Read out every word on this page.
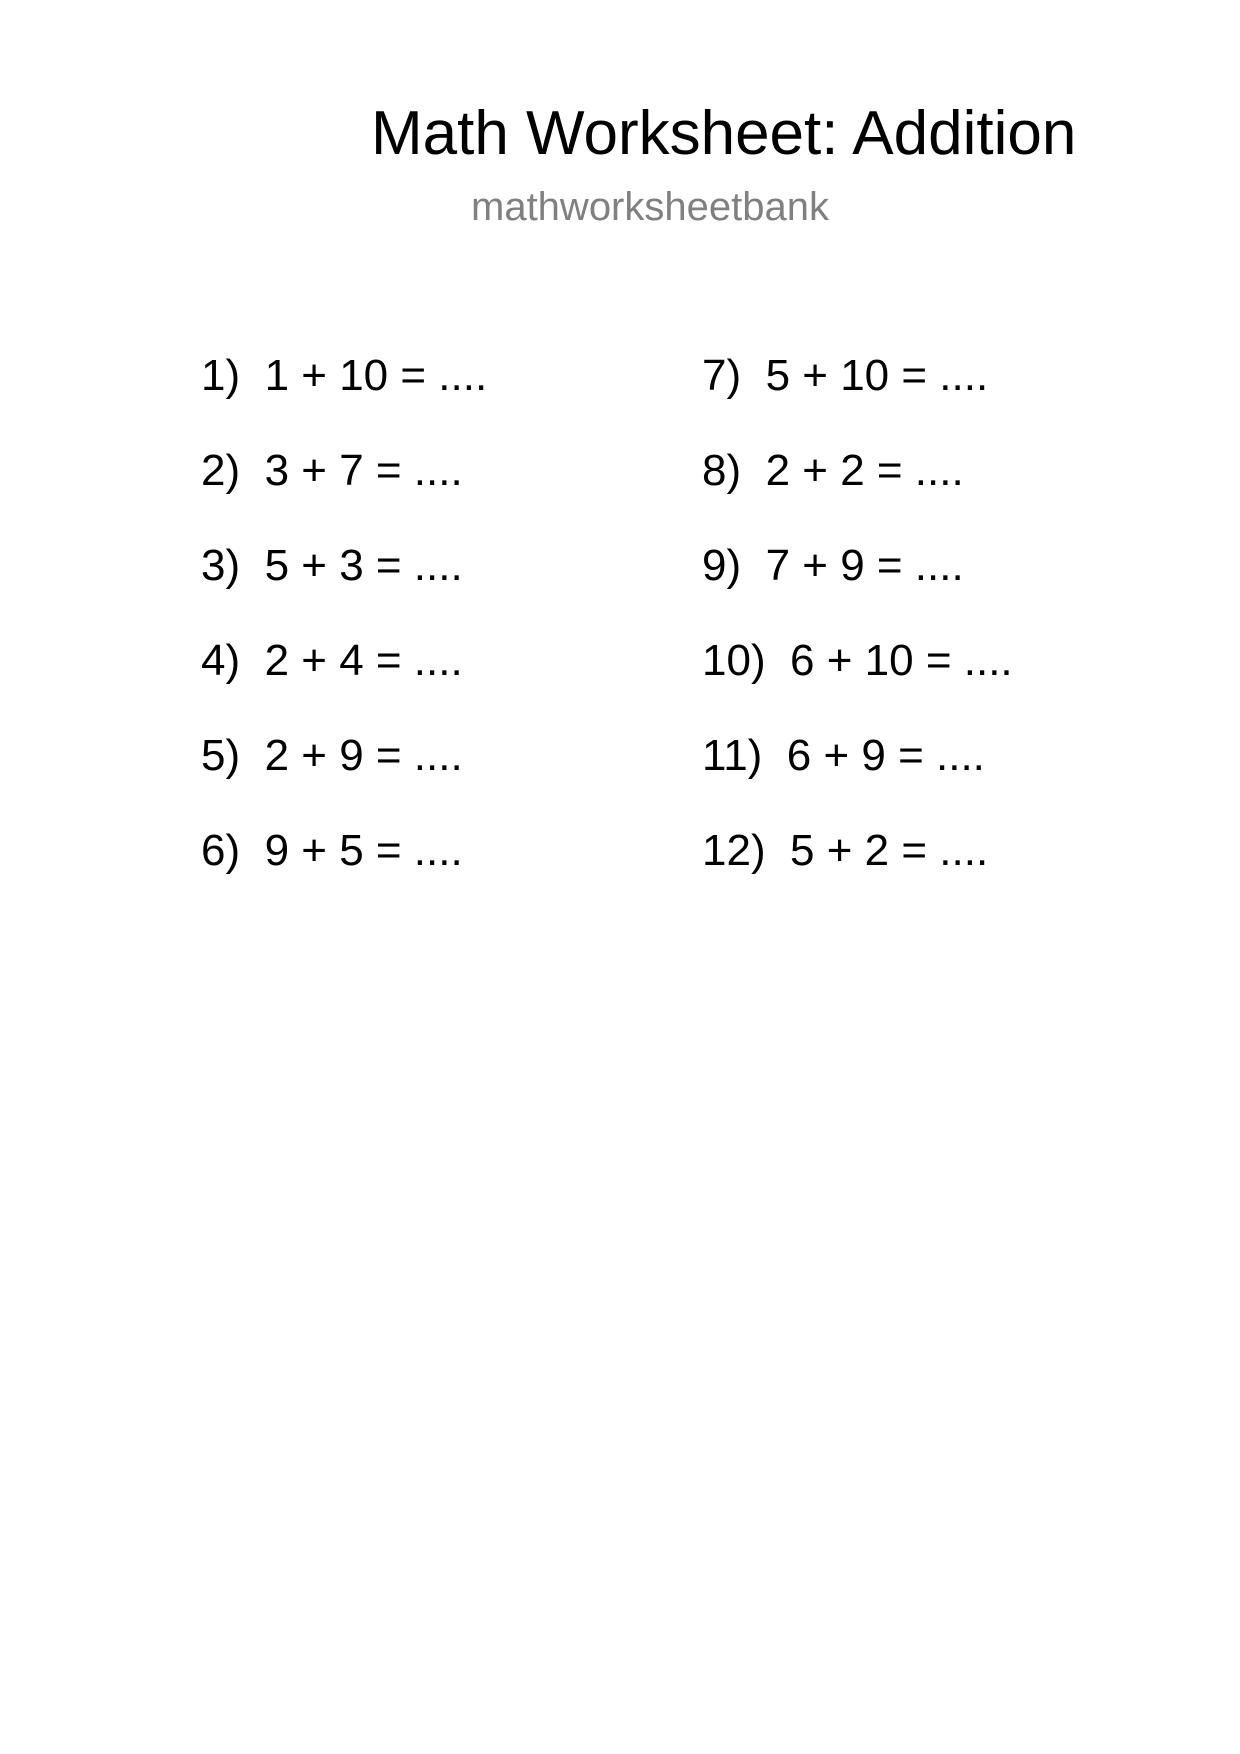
Math Worksheet: Addition
mathworksheetbank
1) 1 + 10 = ....
2) 3 + 7 = ....
3) 5 + 3 = ....
4) 2 + 4 = ....
5) 2 + 9 = ....
6) 9 + 5 = ....
7) 5 + 10 = ....
8) 2 + 2 = ....
9) 7 + 9 = ....
10) 6 + 10 = ....
11) 6 + 9 = ....
12) 5 + 2 = ....
